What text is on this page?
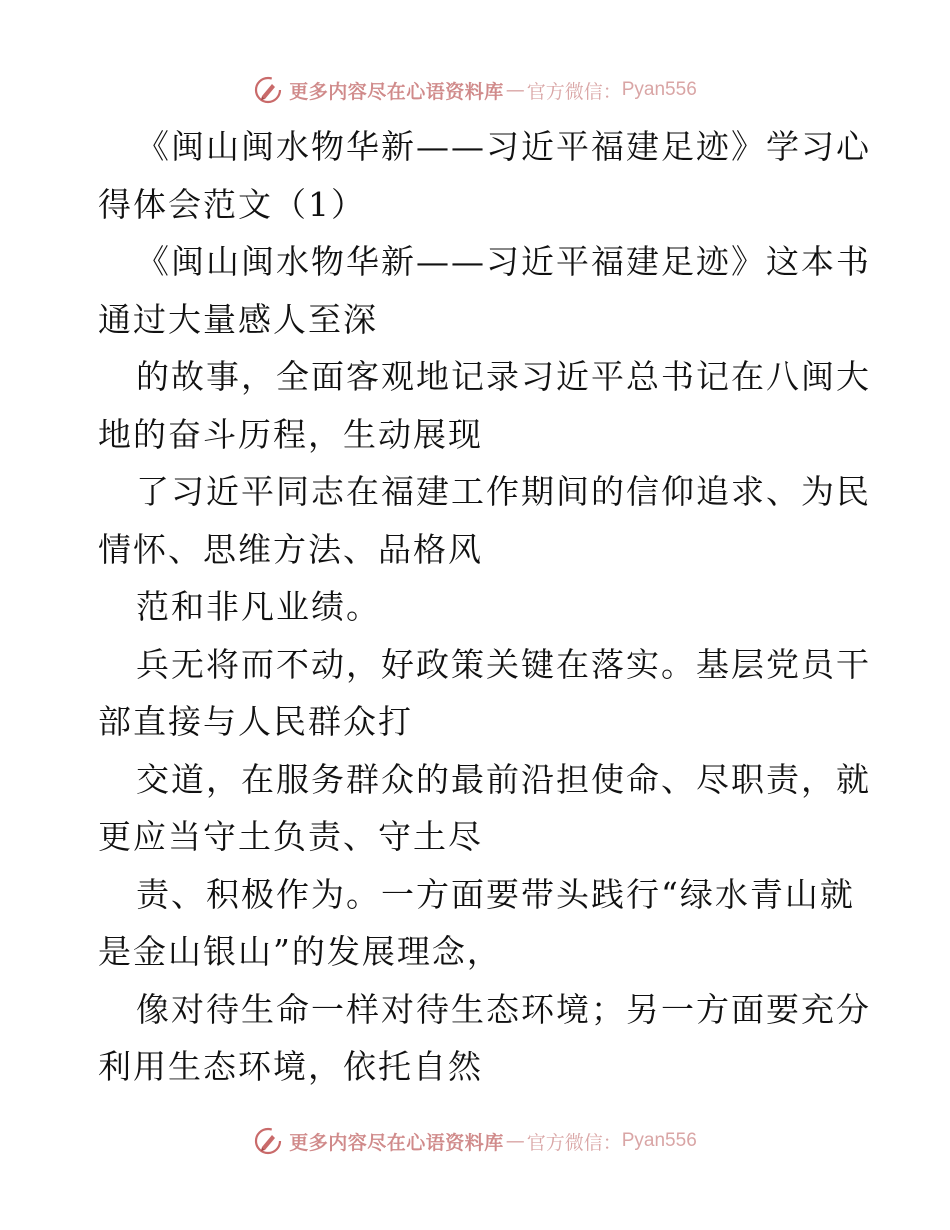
更多内容尽在心语资料库 — 官方微信： Pyan556
《闽山闽水物华新——习近平福建足迹》学习心
得体会范文（1）
《闽山闽水物华新——习近平福建足迹》这本书
通过大量感人至深
的故事，全面客观地记录习近平总书记在八闽大
地的奋斗历程，生动展现
了习近平同志在福建工作期间的信仰追求、为民
情怀、思维方法、品格风
范和非凡业绩。
兵无将而不动，好政策关键在落实。基层党员干
部直接与人民群众打
交道，在服务群众的最前沿担使命、尽职责，就
更应当守土负责、守土尽
责、积极作为。一方面要带头践行“绿水青山就
是金山银山”的发展理念，
像对待生命一样对待生态环境；另一方面要充分
利用生态环境，依托自然
更多内容尽在心语资料库 — 官方微信： Pyan556
